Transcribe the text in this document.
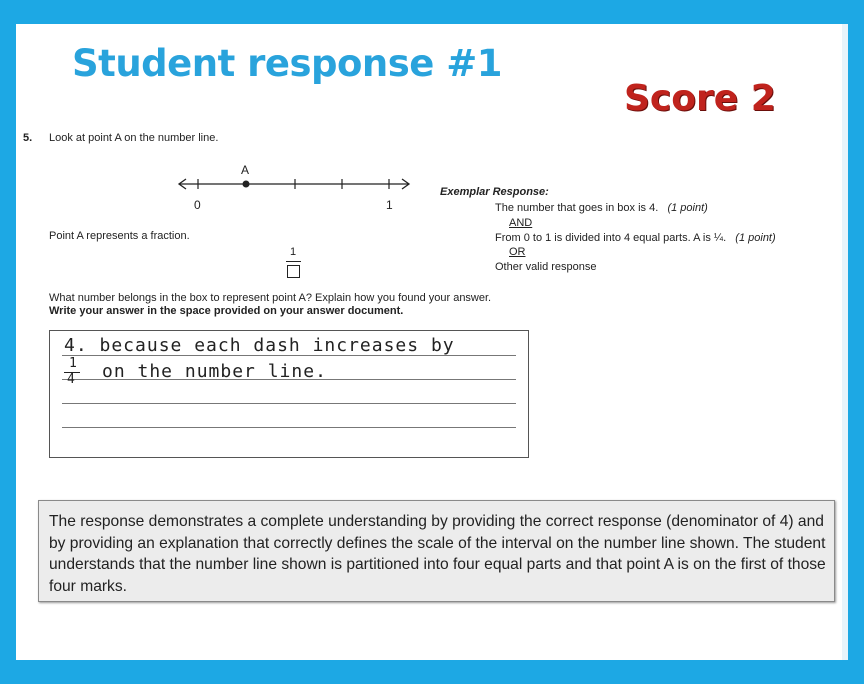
Student response #1
Score 2
5. Look at point A on the number line.
A
0	1
Point A represents a fraction.
1
What number belongs in the box to represent point A? Explain how you found your answer.
Write your answer in the space provided on your answer document.
Exemplar Response:
The number that goes in box is 4. (1 point)
AND
From 0 to 1 is divided into 4 equal parts. A is ¼. (1 point)
OR
Other valid response
4. because each dash increases by
1
4 on the number line.
The response demonstrates a complete understanding by providing the correct response (denominator of 4) and by providing an explanation that correctly defines the scale of the interval on the number line shown. The student understands that the number line shown is partitioned into four equal parts and that point A is on the first of those four marks.
